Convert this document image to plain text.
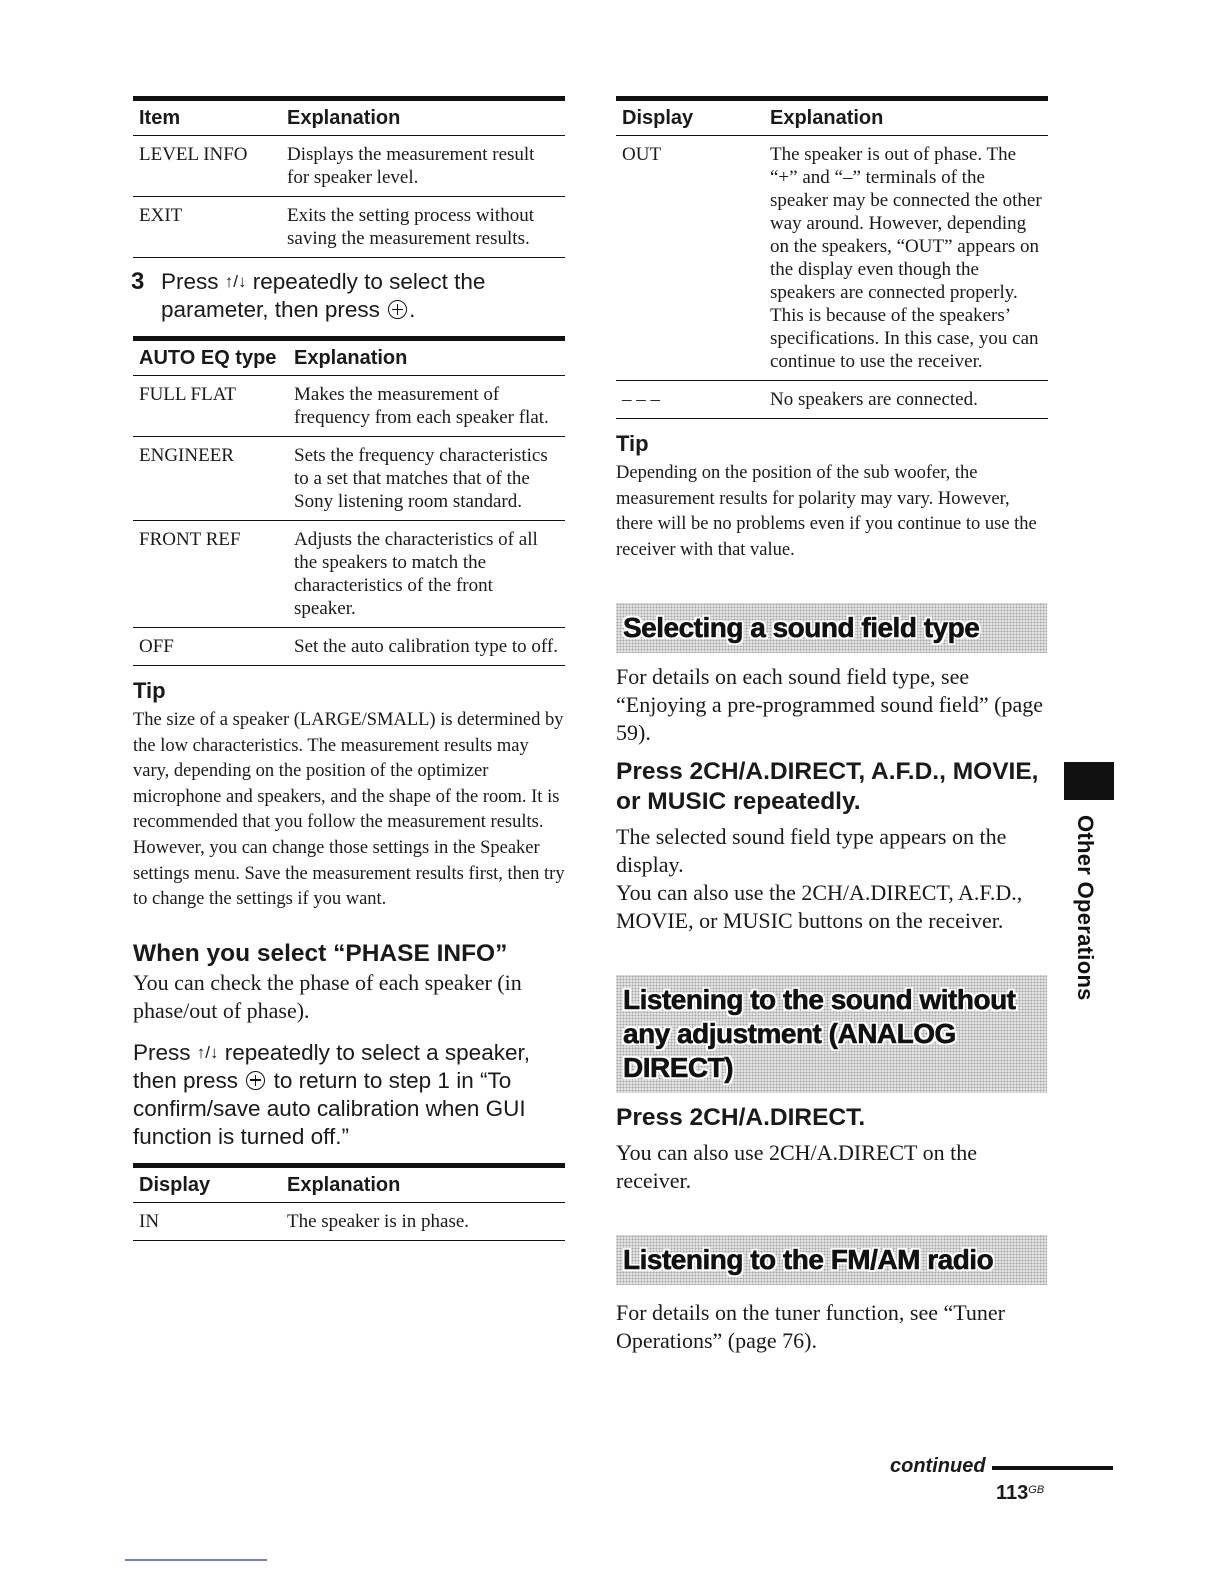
Item	Explanation
LEVEL INFO	Displays the measurement result for speaker level.
EXIT	Exits the setting process without saving the measurement results.
3 Press ↑/↓ repeatedly to select the parameter, then press .
AUTO EQ type	Explanation
FULL FLAT	Makes the measurement of frequency from each speaker flat.
ENGINEER	Sets the frequency characteristics to a set that matches that of the Sony listening room standard.
FRONT REF	Adjusts the characteristics of all the speakers to match the characteristics of the front speaker.
OFF	Set the auto calibration type to off.
Tip

The size of a speaker (LARGE/SMALL) is determined by the low characteristics. The measurement results may vary, depending on the position of the optimizer microphone and speakers, and the shape of the room. It is recommended that you follow the measurement results. However, you can change those settings in the Speaker settings menu. Save the measurement results first, then try to change the settings if you want.

When you select “PHASE INFO”

You can check the phase of each speaker (in phase/out of phase).

Press ↑/↓ repeatedly to select a speaker, then press to return to step 1 in “To confirm/save auto calibration when GUI function is turned off.”

Display	Explanation
IN	The speaker is in phase.
Display	Explanation
OUT	The speaker is out of phase. The “+” and “–” terminals of the speaker may be connected the other way around. However, depending on the speakers, “OUT” appears on the display even though the speakers are connected properly. This is because of the speakers’ specifications. In this case, you can continue to use the receiver.
– – –	No speakers are connected.
Tip

Depending on the position of the sub woofer, the measurement results for polarity may vary. However, there will be no problems even if you continue to use the receiver with that value.

Selecting a sound field type

For details on each sound field type, see “Enjoying a pre-programmed sound field” (page 59).

Press 2CH/A.DIRECT, A.F.D., MOVIE, or MUSIC repeatedly.

The selected sound field type appears on the display.

You can also use the 2CH/A.DIRECT, A.F.D., MOVIE, or MUSIC buttons on the receiver.

Listening to the sound without any adjustment (ANALOG DIRECT)
Press 2CH/A.DIRECT.

You can also use 2CH/A.DIRECT on the receiver.

Listening to the FM/AM radio

For details on the tuner function, see “Tuner Operations” (page 76).

Other Operations
continued
$113^{GB}$
